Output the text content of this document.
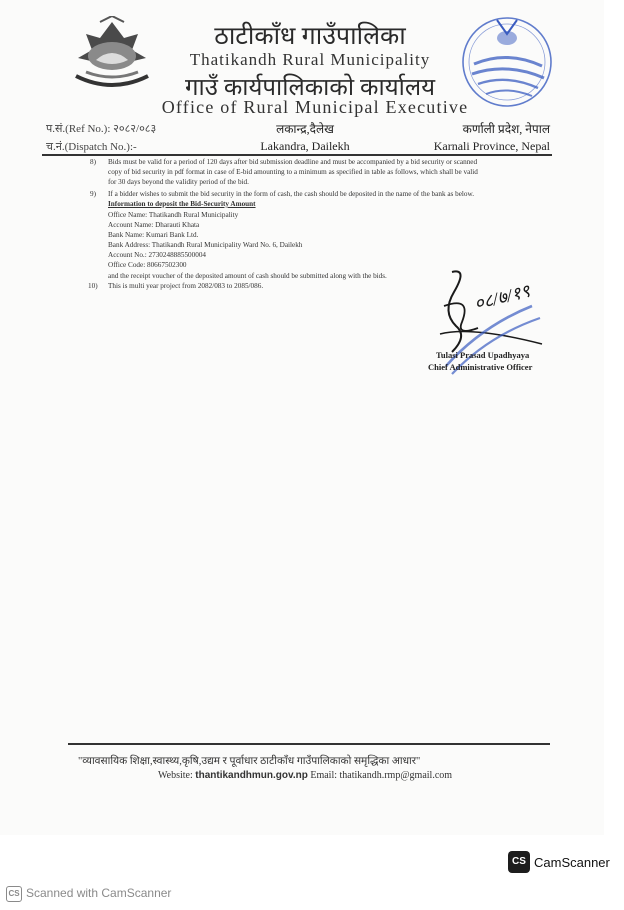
ठाटीकाँध गाउँपालिका
Thatikandh Rural Municipality
गाउँ कार्यपालिकाको कार्यालय
Office of Rural Municipal Executive
प.सं.(Ref No.): २०८२/०८३
च.नं.(Dispatch No.):-
लकान्द्र,दैलेख
Lakandra, Dailekh
कर्णाली प्रदेश, नेपाल
Karnali Province, Nepal
8) Bids must be valid for a period of 120 days after bid submission deadline and must be accompanied by a bid security or scanned
copy of bid security in pdf format in case of E-bid amounting to a minimum as specified in table as follows, which shall be valid
for 30 days beyond the validity period of the bid.
9) If a bidder wishes to submit the bid security in the form of cash, the cash should be deposited in the name of the bank as below.
Information to deposit the Bid-Security Amount
Office Name: Thatikandh Rural Municipality
Account Name: Dharauti Khata
Bank Name: Kumari Bank Ltd.
Bank Address: Thatikandh Rural Municipality Ward No. 6, Dailekh
Account No.: 2730248885500004
Office Code: 80667502300
and the receipt voucher of the deposited amount of cash should be submitted along with the bids.
10) This is multi year project from 2082/083 to 2085/086.	०८/७/१९
Tulasi Prasad Upadhyaya
Chief Administrative Officer
"व्यावसायिक शिक्षा,स्वास्थ्य,कृषि,उद्यम र पूर्वाधार ठाटीकाँध गाउँपालिकाको समृद्धिका आधार"
Website: thantikandhmun.gov.np Email: thatikandh.rmp@gmail.com
CS CamScanner
CS Scanned with CamScanner
